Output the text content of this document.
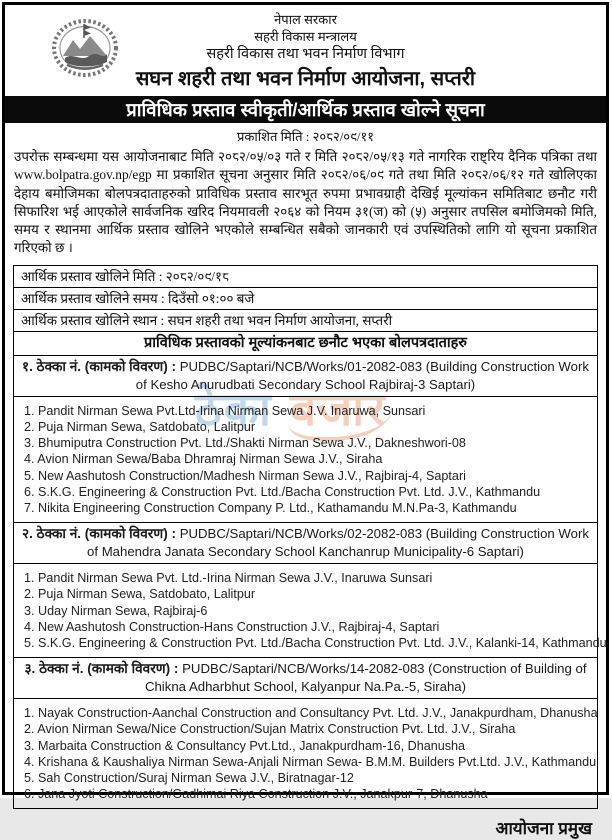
ठेका बजार
नेपाल सरकार
सहरी विकास मन्त्रालय
सहरी विकास तथा भवन निर्माण विभाग
सघन शहरी तथा भवन निर्माण आयोजना, सप्तरी
प्राविधिक प्रस्ताव स्वीकृती/आर्थिक प्रस्ताव खोल्ने सूचना
प्रकाशित मिति : २०८२/०९/११
उपरोक्त सम्बन्धमा यस आयोजनाबाट मिति २०८२/०५/०३ गते र मिति २०८२/०५/१३ गते नागरिक राष्ट्रिय दैनिक पत्रिका तथा www.bolpatra.gov.np/egp मा प्रकाशित सूचना अनुसार मिति २०८२/०६/०९ गते तथा मिति २०८२/०६/१२ गते खोलिएका देहाय बमोजिमका बोलपत्रदाताहरुको प्राविधिक प्रस्ताव सारभूत रुपमा प्रभावग्राही देखिई मूल्यांकन समितिबाट छनौट गरी सिफारिश भई आएकोले सार्वजनिक खरिद नियमावली २०६४ को नियम ३१(ज) को (५) अनुसार तपसिल बमोजिमको मिति, समय र स्थानमा आर्थिक प्रस्ताव खोलिने भएकोले सम्बन्धित सबैको जानकारी एवं उपस्थितिको लागि यो सूचना प्रकाशित गरिएको छ ।
आर्थिक प्रस्ताव खोलिने मिति : २०८२/०९/१८
आर्थिक प्रस्ताव खोलिने समय : दिउँसो ०१:०० बजे
आर्थिक प्रस्ताव खोलिने स्थान : सघन शहरी तथा भवन निर्माण आयोजना, सप्तरी
प्राविधिक प्रस्तावको मूल्यांकनबाट छनौट भएका बोलपत्रदाताहरु
१. ठेक्का नं. (कामको विवरण) : PUDBC/Saptari/NCB/Works/01-2082-083 (Building Construction Work of Kesho Anurudbati Secondary School Rajbiraj-3 Saptari)
1. Pandit Nirman Sewa Pvt.Ltd-Irina Nirman Sewa J.V. Inaruwa, Sunsari
2. Puja Nirman Sewa, Satdobato, Lalitpur
3. Bhumiputra Construction Pvt. Ltd./Shakti Nirman Sewa J.V., Dakneshwori-08
4. Avion Nirman Sewa/Baba Dhramraj Nirman Sewa J.V., Siraha
5. New Aashutosh Construction/Madhesh Nirman Sewa J.V., Rajbiraj-4, Saptari
6. S.K.G. Engineering & Construction Pvt. Ltd./Bacha Construction Pvt. Ltd. J.V., Kathmandu
7. Nikita Engineering Construction Company P. Ltd., Kathamandu M.N.Pa-3, Kathmandu
२. ठेक्का नं. (कामको विवरण) : PUDBC/Saptari/NCB/Works/02-2082-083 (Building Construction Work of Mahendra Janata Secondary School Kanchanrup Municipality-6 Saptari)
1. Pandit Nirman Sewa Pvt. Ltd.-Irina Nirman Sewa J.V., Inaruwa Sunsari
2. Puja Nirman Sewa, Satdobato, Lalitpur
3. Uday Nirman Sewa, Rajbiraj-6
4. New Aashutosh Construction-Hans Construction J.V., Rajbiraj-4, Saptari
5. S.K.G. Engineering & Construction Pvt. Ltd./Bacha Construction Pvt. Ltd. J.V., Kalanki-14, Kathmandu
३. ठेक्का नं. (कामको विवरण) : PUDBC/Saptari/NCB/Works/14-2082-083 (Construction of Building of Chikna Adharbhut School, Kalyanpur Na.Pa.-5, Siraha)
1. Nayak Construction-Aanchal Construction and Consultancy Pvt. Ltd. J.V., Janakpurdham, Dhanusha
2. Avion Nirman Sewa/Nice Construction/Sujan Matrix Construction Pvt. Ltd. J.V., Siraha
3. Marbaita Construction & Consultancy Pvt.Ltd., Janakpurdham-16, Dhanusha
4. Krishana & Kaushaliya Nirman Sewa-Anjali Nirman Sewa- B.M.M. Builders Pvt.Ltd. J.V., Kathmandu
5. Sah Construction/Suraj Nirman Sewa J.V., Biratnagar-12
6. Jana Jyoti Construction/Gadhimai Riya Construction J.V., Janakpur-7, Dhanusha
आयोजना प्रमुख
